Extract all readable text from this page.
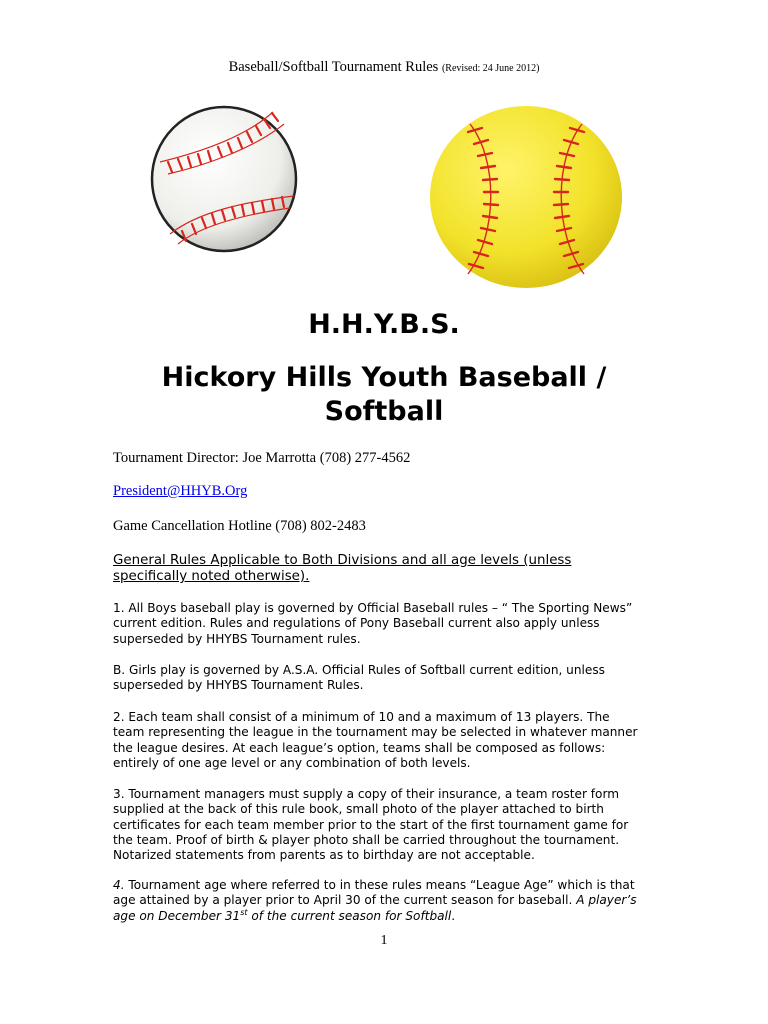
Baseball/Softball Tournament Rules (Revised: 24 June 2012)
H.H.Y.B.S.
Hickory Hills Youth Baseball /
Softball
Tournament Director: Joe Marrotta (708) 277-4562
President@HHYB.Org
Game Cancellation Hotline (708) 802-2483
General Rules Applicable to Both Divisions and all age levels (unless specifically noted otherwise).
1. All Boys baseball play is governed by Official Baseball rules – “ The Sporting News”
current edition. Rules and regulations of Pony Baseball current also apply unless
superseded by HHYBS Tournament rules.
B. Girls play is governed by A.S.A. Official Rules of Softball current edition, unless
superseded by HHYBS Tournament Rules.
2. Each team shall consist of a minimum of 10 and a maximum of 13 players. The
team representing the league in the tournament may be selected in whatever manner
the league desires. At each league’s option, teams shall be composed as follows:
entirely of one age level or any combination of both levels.
3. Tournament managers must supply a copy of their insurance, a team roster form
supplied at the back of this rule book, small photo of the player attached to birth
certificates for each team member prior to the start of the first tournament game for
the team. Proof of birth & player photo shall be carried throughout the tournament.
Notarized statements from parents as to birthday are not acceptable.
4. Tournament age where referred to in these rules means “League Age” which is that
age attained by a player prior to April 30 of the current season for baseball. A player’s
age on December 31st of the current season for Softball.
1
